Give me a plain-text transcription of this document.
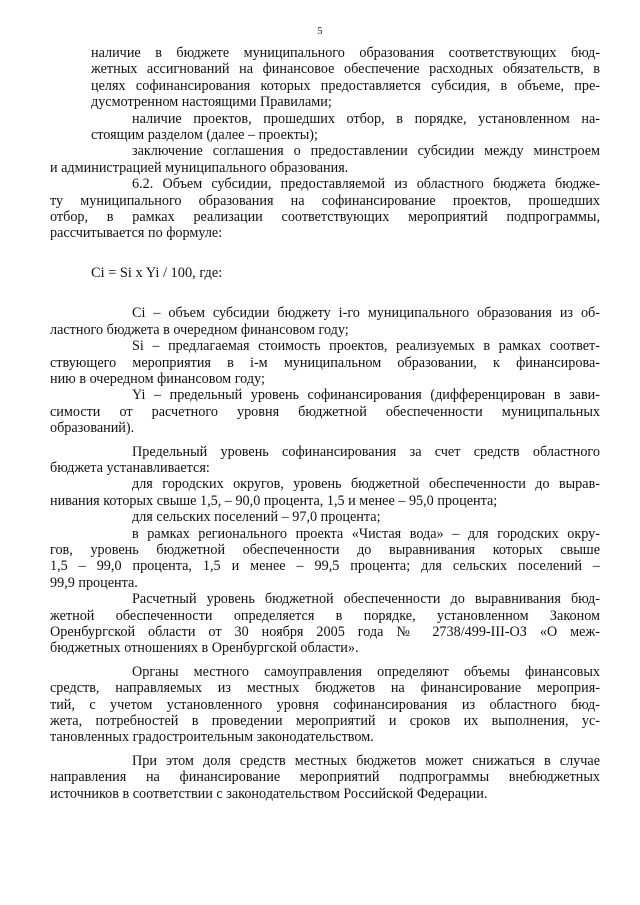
5

наличие в бюджете муниципального образования соответствующих бюд-
жетных ассигнований на финансовое обеспечение расходных обязательств, в
целях софинансирования которых предоставляется субсидия, в объеме, пре-
дусмотренном настоящими Правилами;

наличие проектов, прошедших отбор, в порядке, установленном на-
стоящим разделом (далее – проекты);

заключение соглашения о предоставлении субсидии между минстроем
и администрацией муниципального образования.

6.2. Объем субсидии, предоставляемой из областного бюджета бюдже-
ту муниципального образования на софинансирование проектов, прошедших
отбор, в рамках реализации соответствующих мероприятий подпрограммы,
рассчитывается по формуле:

Ci = Si x Yi / 100, где:

Ci – объем субсидии бюджету i-го муниципального образования из об-
ластного бюджета в очередном финансовом году;

Si – предлагаемая стоимость проектов, реализуемых в рамках соответ-
ствующего мероприятия в i-м муниципальном образовании, к финансирова-
нию в очередном финансовом году;

Yi – предельный уровень софинансирования (дифференцирован в зави-
симости от расчетного уровня бюджетной обеспеченности муниципальных
образований).

Предельный уровень софинансирования за счет средств областного
бюджета устанавливается:

для городских округов, уровень бюджетной обеспеченности до вырав-
нивания которых свыше 1,5, – 90,0 процента, 1,5 и менее – 95,0 процента;

для сельских поселений – 97,0 процента;

в рамках регионального проекта «Чистая вода» – для городских окру-
гов, уровень бюджетной обеспеченности до выравнивания которых свыше
1,5 – 99,0 процента, 1,5 и менее – 99,5 процента; для сельских поселений –
99,9 процента.

Расчетный уровень бюджетной обеспеченности до выравнивания бюд-
жетной обеспеченности определяется в порядке, установленном Законом
Оренбургской области от 30 ноября 2005 года № 2738/499-III-ОЗ «О меж-
бюджетных отношениях в Оренбургской области».

Органы местного самоуправления определяют объемы финансовых
средств, направляемых из местных бюджетов на финансирование мероприя-
тий, с учетом установленного уровня софинансирования из областного бюд-
жета, потребностей в проведении мероприятий и сроков их выполнения, ус-
тановленных градостроительным законодательством.

При этом доля средств местных бюджетов может снижаться в случае
направления на финансирование мероприятий подпрограммы внебюджетных
источников в соответствии с законодательством Российской Федерации.
